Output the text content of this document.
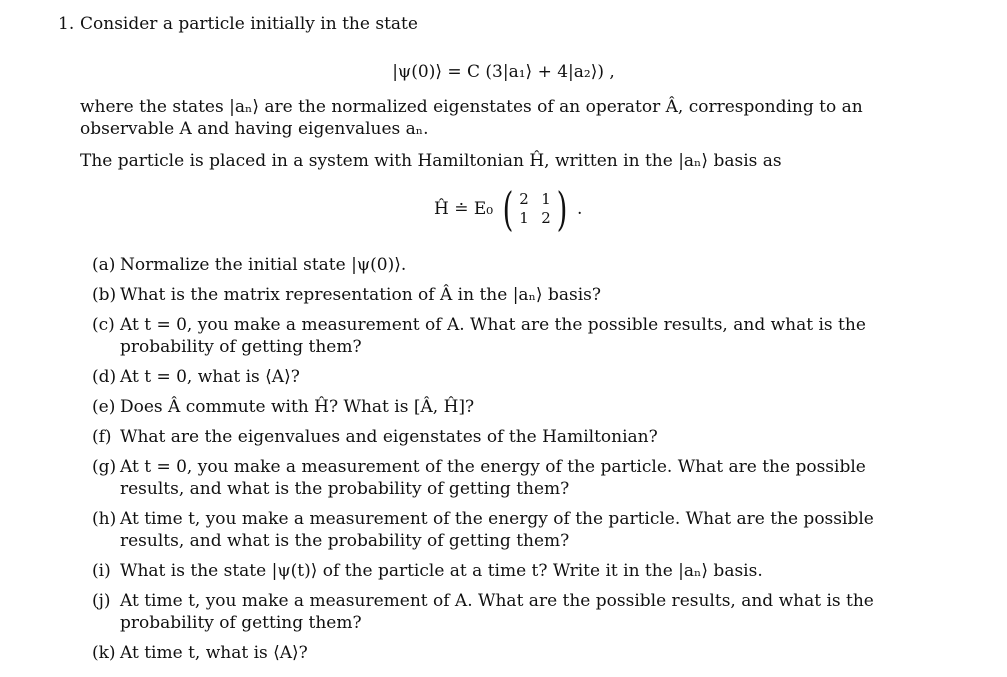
1. Consider a particle initially in the state
|ψ(0)⟩ = C (3|a₁⟩ + 4|a₂⟩) ,
where the states |aₙ⟩ are the normalized eigenstates of an operator Â, corresponding to an observable A and having eigenvalues aₙ.
The particle is placed in a system with Hamiltonian Ĥ, written in the |aₙ⟩ basis as
Ĥ ≐ E₀ ( 2 1
1 2 ) .
(a) Normalize the initial state |ψ(0)⟩.
(b) What is the matrix representation of Â in the |aₙ⟩ basis?
(c) At t = 0, you make a measurement of A. What are the possible results, and what is the probability of getting them?
(d) At t = 0, what is ⟨A⟩?
(e) Does Â commute with Ĥ? What is [Â, Ĥ]?
(f) What are the eigenvalues and eigenstates of the Hamiltonian?
(g) At t = 0, you make a measurement of the energy of the particle. What are the possible results, and what is the probability of getting them?
(h) At time t, you make a measurement of the energy of the particle. What are the possible results, and what is the probability of getting them?
(i) What is the state |ψ(t)⟩ of the particle at a time t? Write it in the |aₙ⟩ basis.
(j) At time t, you make a measurement of A. What are the possible results, and what is the probability of getting them?
(k) At time t, what is ⟨A⟩?
